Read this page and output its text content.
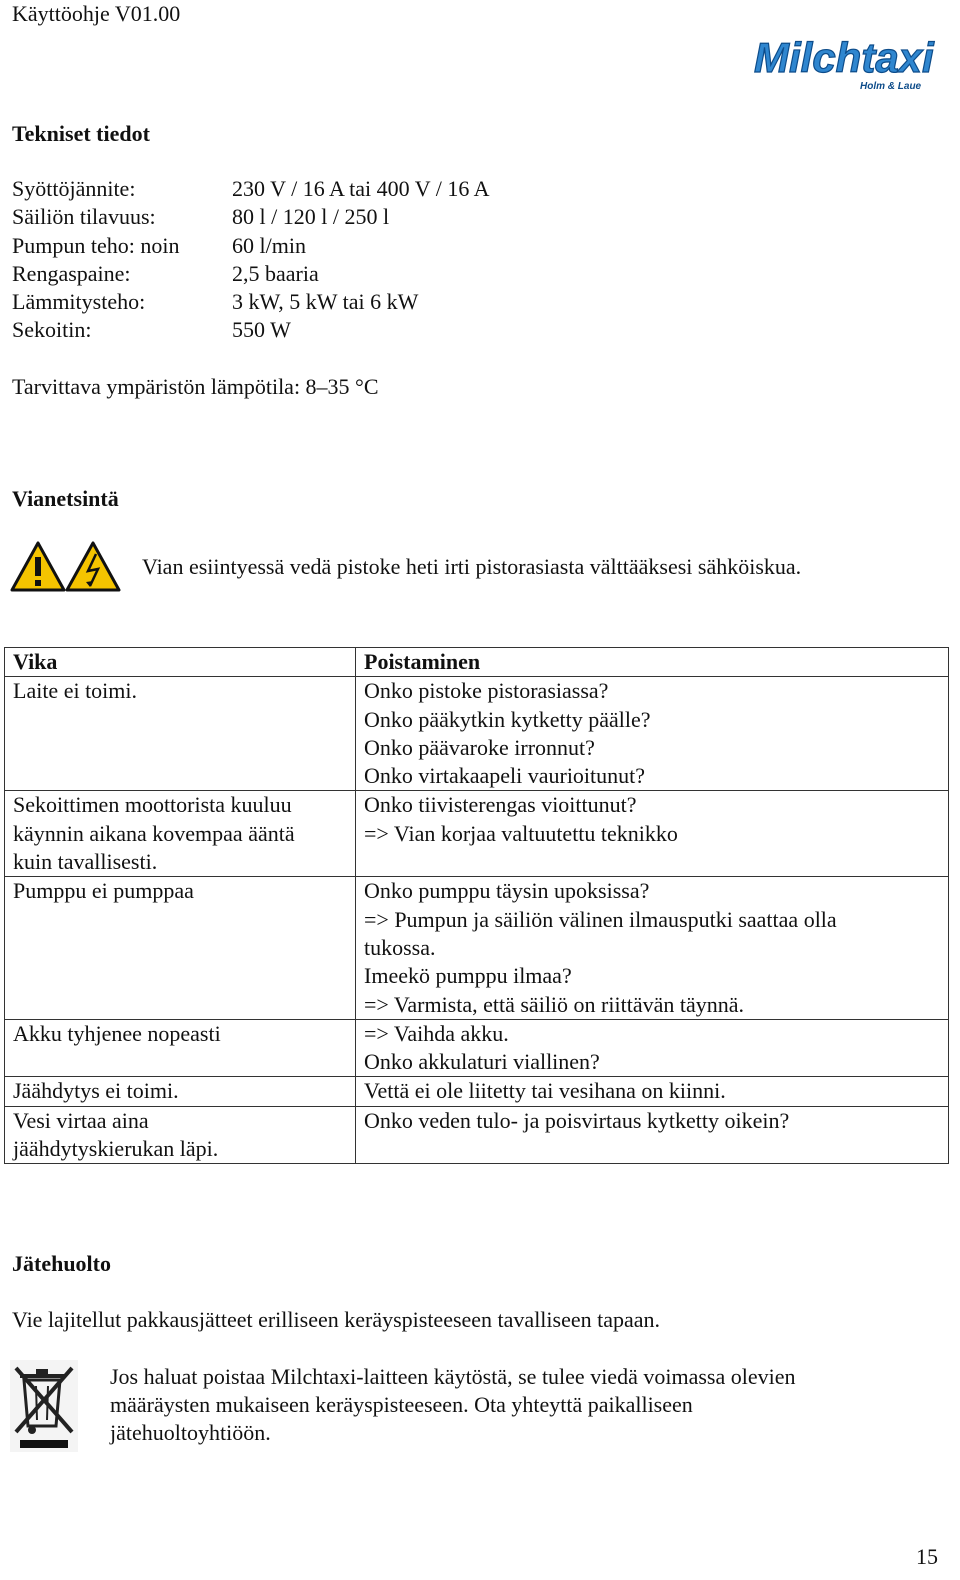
Käyttöohje V01.00
Milchtaxi
Holm & Laue
Tekniset tiedot
Syöttöjännite:	230 V / 16 A tai 400 V / 16 A
Säiliön tilavuus:	80 l / 120 l / 250 l
Pumpun teho: noin	60 l/min
Rengaspaine:	2,5 baaria
Lämmitysteho:	3 kW, 5 kW tai 6 kW
Sekoitin:	550 W
Tarvittava ympäristön lämpötila: 8–35 °C
Vianetsintä
Vian esiintyessä vedä pistoke heti irti pistorasiasta välttääksesi sähköiskua.
Vika	Poistaminen

Laite ei toimi.	Onko pistoke pistorasiassa?
Onko pääkytkin kytketty päälle?
Onko päävaroke irronnut?
Onko virtakaapeli vaurioitunut?

Sekoittimen moottorista kuuluu
käynnin aikana kovempaa ääntä
kuin tavallisesti.	Onko tiivisterengas vioittunut?
=> Vian korjaa valtuutettu teknikko

Pumppu ei pumppaa	Onko pumppu täysin upoksissa?
=> Pumpun ja säiliön välinen ilmausputki saattaa olla
tukossa.
Imeekö pumppu ilmaa?
=> Varmista, että säiliö on riittävän täynnä.

Akku tyhjenee nopeasti	=> Vaihda akku.
Onko akkulaturi viallinen?

Jäähdytys ei toimi.	Vettä ei ole liitetty tai vesihana on kiinni.

Vesi virtaa aina
jäähdytyskierukan läpi.	Onko veden tulo- ja poisvirtaus kytketty oikein?
Jätehuolto
Vie lajitellut pakkausjätteet erilliseen keräyspisteeseen tavalliseen tapaan.
Jos haluat poistaa Milchtaxi-laitteen käytöstä, se tulee viedä voimassa olevien
määräysten mukaiseen keräyspisteeseen. Ota yhteyttä paikalliseen
jätehuoltoyhtiöön.
15
